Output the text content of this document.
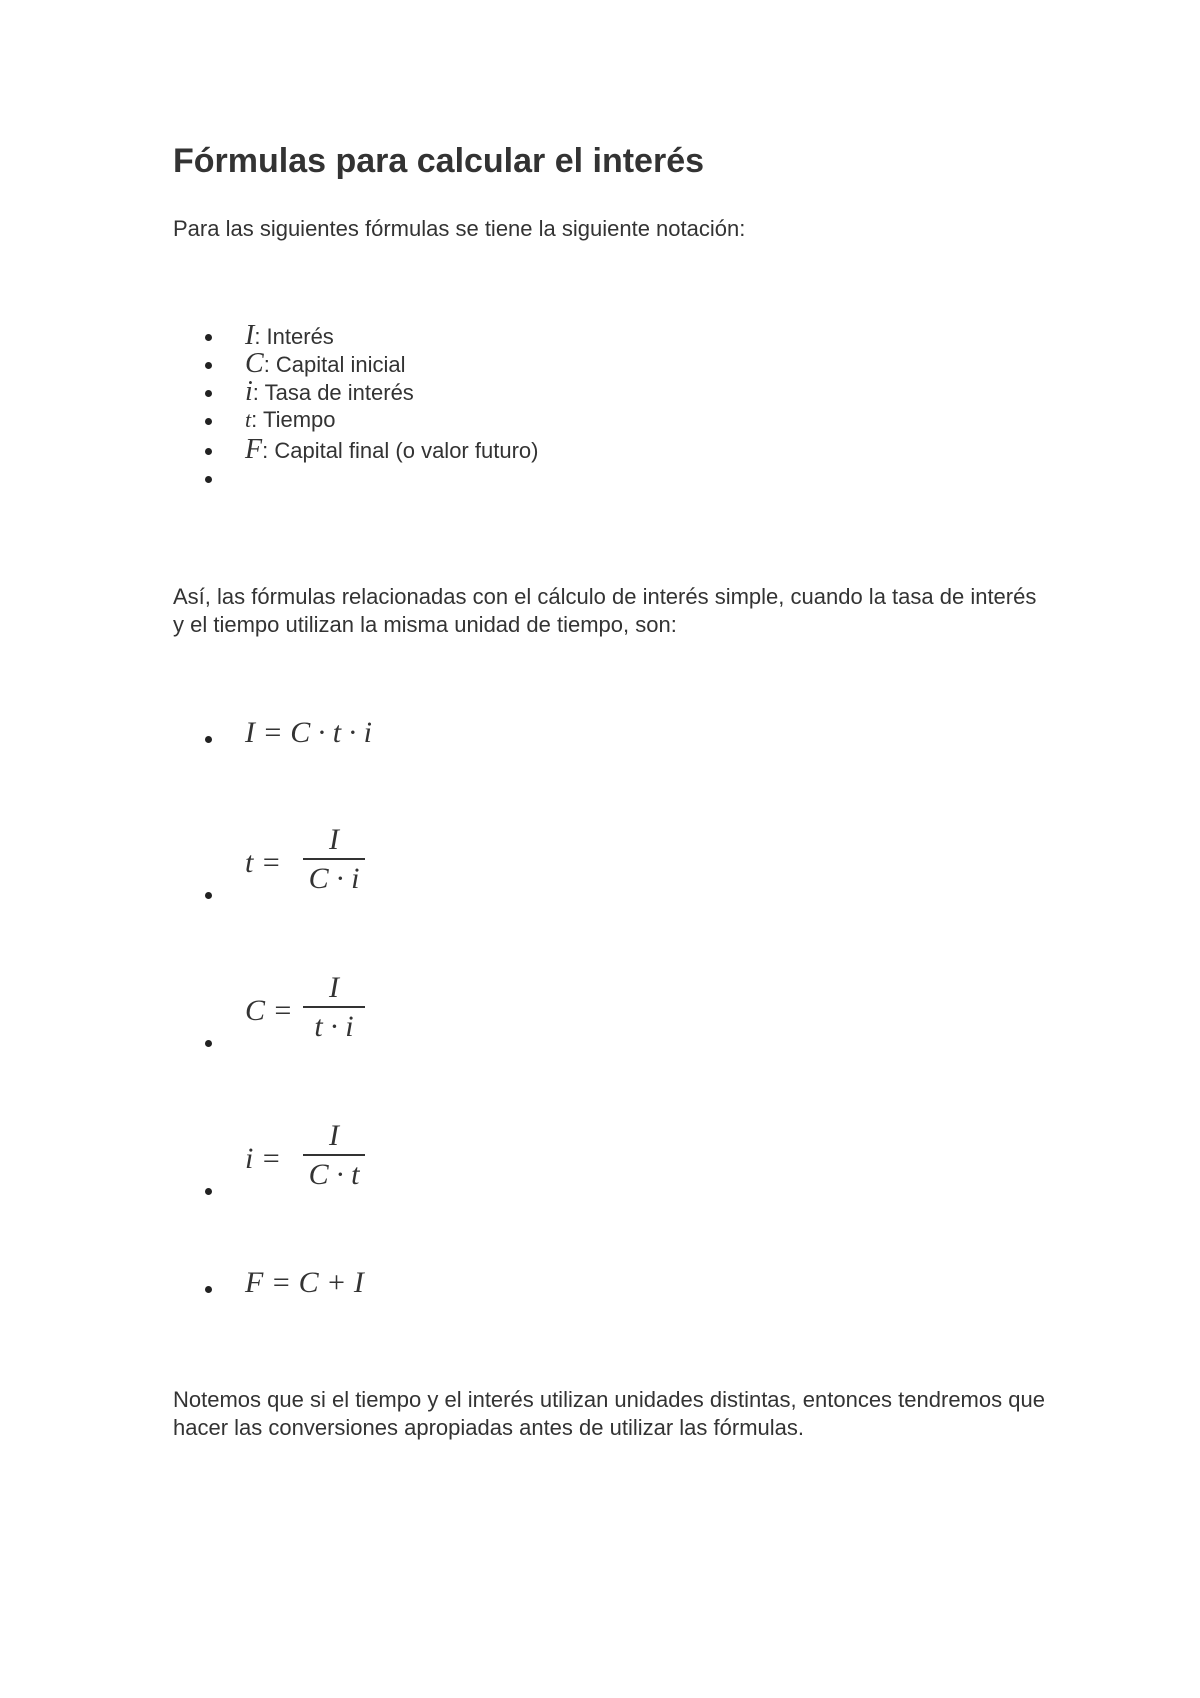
Fórmulas para calcular el interés

Para las siguientes fórmulas se tiene la siguiente notación:

I: Interés
C: Capital inicial
i: Tasa de interés
t: Tiempo
F: Capital final (o valor futuro)

Así, las fórmulas relacionadas con el cálculo de interés simple, cuando la tasa de interés y el tiempo utilizan la misma unidad de tiempo, son:

I = C · t · i
t =
I
C · i
C =
I
t · i
i =
I
C · t
F = C + I

Notemos que si el tiempo y el interés utilizan unidades distintas, entonces tendremos que hacer las conversiones apropiadas antes de utilizar las fórmulas.
